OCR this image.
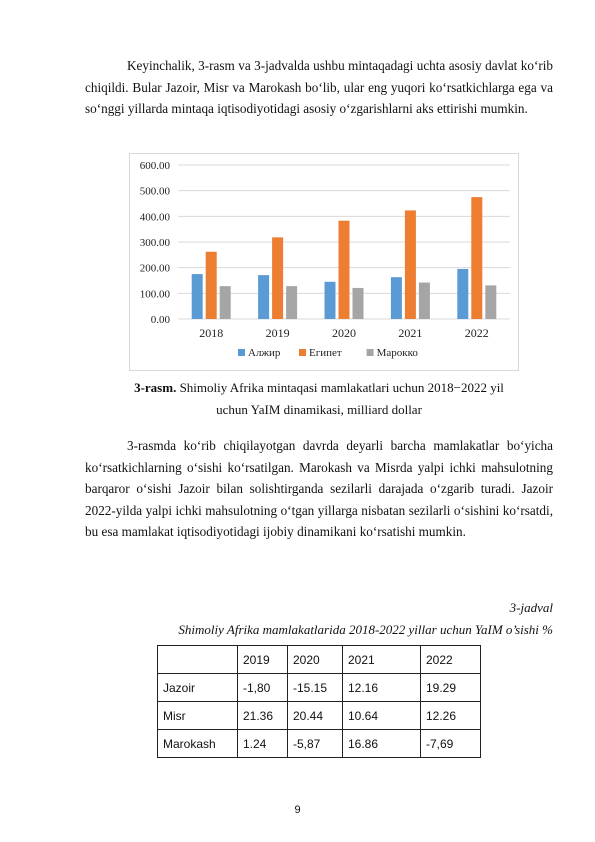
Keyinchalik, 3-rasm va 3-jadvalda ushbu mintaqadagi uchta asosiy davlat ko‘rib chiqildi. Bular Jazoir, Misr va Marokash bo‘lib, ular eng yuqori ko‘rsatkichlarga ega va so‘nggi yillarda mintaqa iqtisodiyotidagi asosiy o‘zgarishlarni aks ettirishi mumkin.
0.00
100.00
200.00
300.00
400.00
500.00
600.00
2018	2019	2020	2021	2022
Алжир	Египет	Марокко
3-rasm. Shimoliy Afrika mintaqasi mamlakatlari uchun 2018−2022 yil
uchun YaIM dinamikasi, milliard dollar
3-rasmda ko‘rib chiqilayotgan davrda deyarli barcha mamlakatlar bo‘yicha ko‘rsatkichlarning o‘sishi ko‘rsatilgan. Marokash va Misrda yalpi ichki mahsulotning barqaror o‘sishi Jazoir bilan solishtirganda sezilarli darajada o‘zgarib turadi. Jazoir 2022-yilda yalpi ichki mahsulotning o‘tgan yillarga nisbatan sezilarli o‘sishini ko‘rsatdi, bu esa mamlakat iqtisodiyotidagi ijobiy dinamikani ko‘rsatishi mumkin.
3-jadval
Shimoliy Afrika mamlakatlarida 2018-2022 yillar uchun YaIM o’sishi %
	2019	2020	2021	2022
Jazoir	-1,80	-15.15	12.16	19.29
Misr	21.36	20.44	10.64	12.26
Marokash	1.24	-5,87	16.86	-7,69
9
